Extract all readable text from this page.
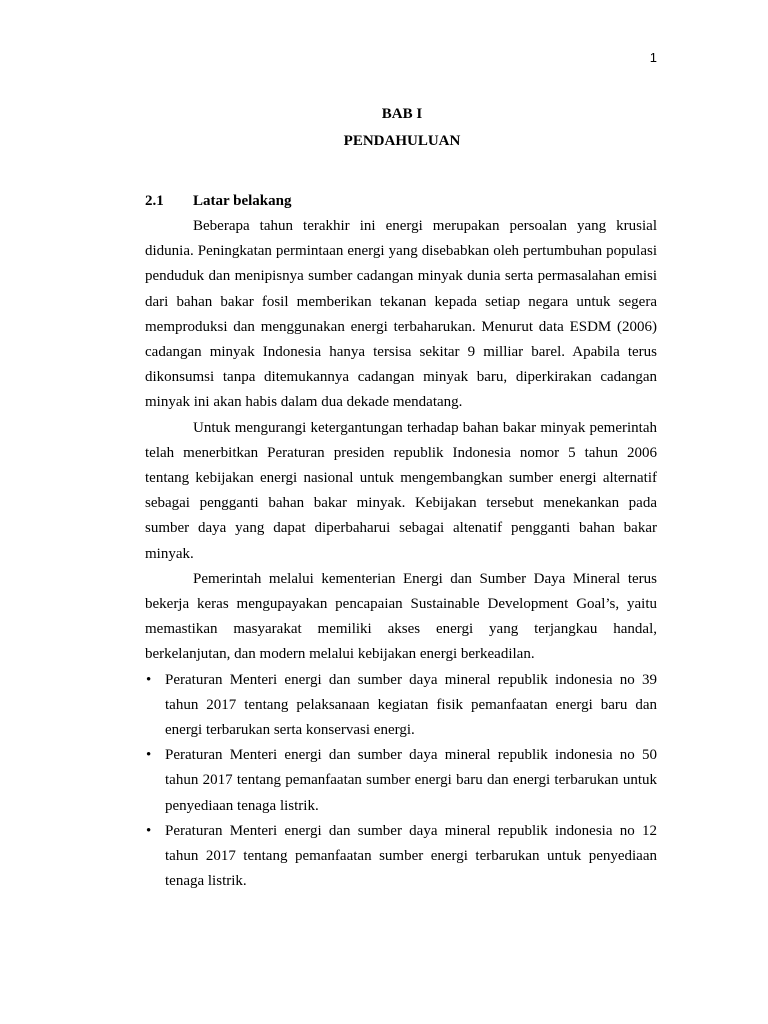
1
BAB I
PENDAHULUAN
2.1 Latar belakang

Beberapa tahun terakhir ini energi merupakan persoalan yang krusial didunia. Peningkatan permintaan energi yang disebabkan oleh pertumbuhan populasi penduduk dan menipisnya sumber cadangan minyak dunia serta permasalahan emisi dari bahan bakar fosil memberikan tekanan kepada setiap negara untuk segera memproduksi dan menggunakan energi terbaharukan. Menurut data ESDM (2006) cadangan minyak Indonesia hanya tersisa sekitar 9 milliar barel. Apabila terus dikonsumsi tanpa ditemukannya cadangan minyak baru, diperkirakan cadangan minyak ini akan habis dalam dua dekade mendatang.

Untuk mengurangi ketergantungan terhadap bahan bakar minyak pemerintah telah menerbitkan Peraturan presiden republik Indonesia nomor 5 tahun 2006 tentang kebijakan energi nasional untuk mengembangkan sumber energi alternatif sebagai pengganti bahan bakar minyak. Kebijakan tersebut menekankan pada sumber daya yang dapat diperbaharui sebagai altenatif pengganti bahan bakar minyak.

Pemerintah melalui kementerian Energi dan Sumber Daya Mineral terus bekerja keras mengupayakan pencapaian Sustainable Development Goal’s, yaitu memastikan masyarakat memiliki akses energi yang terjangkau handal, berkelanjutan, dan modern melalui kebijakan energi berkeadilan.

• Peraturan Menteri energi dan sumber daya mineral republik indonesia no 39 tahun 2017 tentang pelaksanaan kegiatan fisik pemanfaatan energi baru dan energi terbarukan serta konservasi energi.
• Peraturan Menteri energi dan sumber daya mineral republik indonesia no 50 tahun 2017 tentang pemanfaatan sumber energi baru dan energi terbarukan untuk penyediaan tenaga listrik.
• Peraturan Menteri energi dan sumber daya mineral republik indonesia no 12 tahun 2017 tentang pemanfaatan sumber energi terbarukan untuk penyediaan tenaga listrik.
